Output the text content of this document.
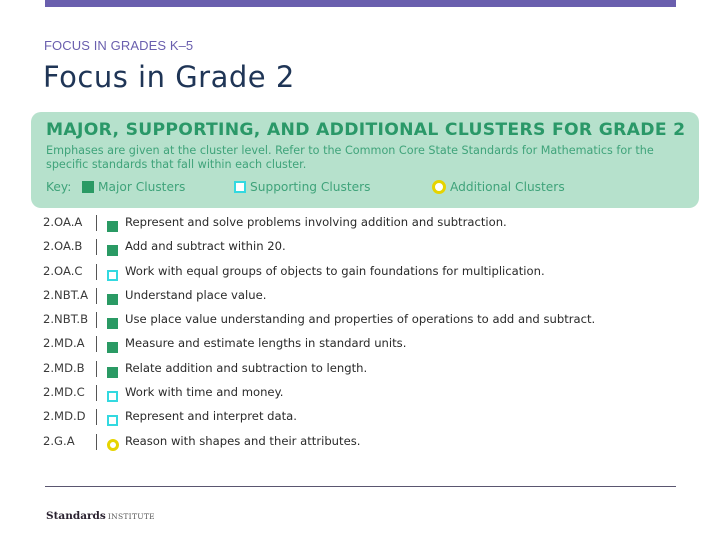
FOCUS IN GRADES K–5
Focus in Grade 2
MAJOR, SUPPORTING, AND ADDITIONAL CLUSTERS FOR GRADE 2
Emphases are given at the cluster level. Refer to the Common Core State Standards for Mathematics for the specific standards that fall within each cluster.
Key: Major Clusters	Supporting Clusters	Additional Clusters
2.OA.A	Represent and solve problems involving addition and subtraction.
2.OA.B	Add and subtract within 20.
2.OA.C	Work with equal groups of objects to gain foundations for multiplication.
2.NBT.A	Understand place value.
2.NBT.B	Use place value understanding and properties of operations to add and subtract.
2.MD.A	Measure and estimate lengths in standard units.
2.MD.B	Relate addition and subtraction to length.
2.MD.C	Work with time and money.
2.MD.D	Represent and interpret data.
2.G.A	Reason with shapes and their attributes.
Standards INSTITUTE
